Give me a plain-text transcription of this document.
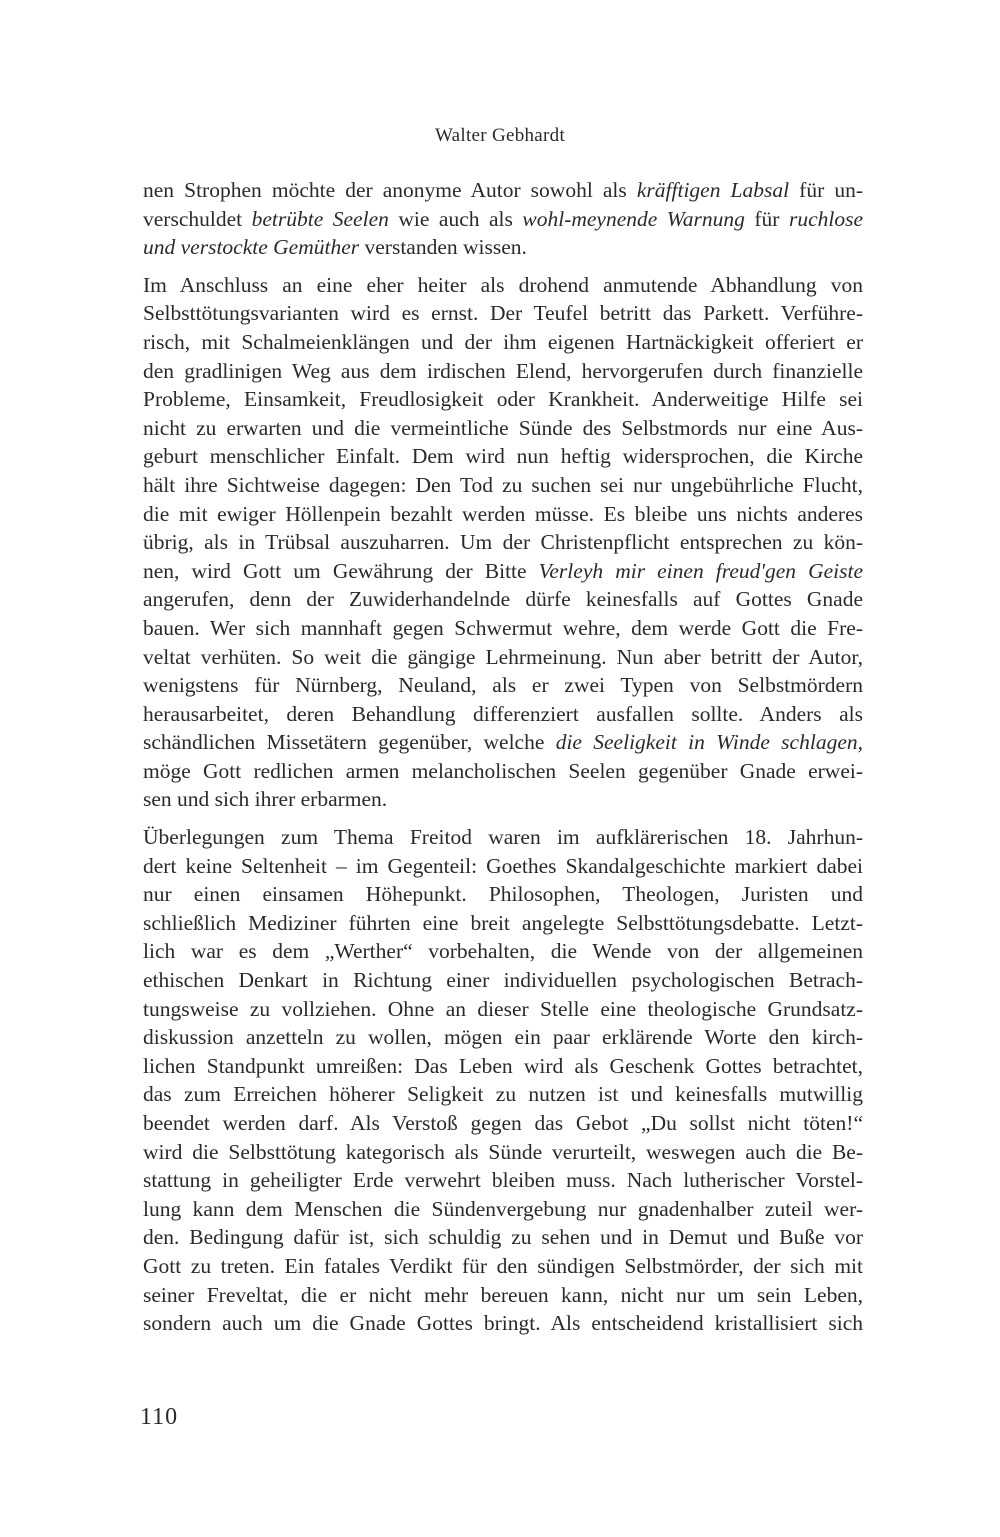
Walter Gebhardt

nen Strophen möchte der anonyme Autor sowohl als kräfftigen Labsal für un-
verschuldet betrübte Seelen wie auch als wohl-meynende Warnung für ruchlose
und verstockte Gemüther verstanden wissen.

Im Anschluss an eine eher heiter als drohend anmutende Abhandlung von
Selbsttötungsvarianten wird es ernst. Der Teufel betritt das Parkett. Verführe-
risch, mit Schalmeienklängen und der ihm eigenen Hartnäckigkeit offeriert er
den gradlinigen Weg aus dem irdischen Elend, hervorgerufen durch finanzielle
Probleme, Einsamkeit, Freudlosigkeit oder Krankheit. Anderweitige Hilfe sei
nicht zu erwarten und die vermeintliche Sünde des Selbstmords nur eine Aus-
geburt menschlicher Einfalt. Dem wird nun heftig widersprochen, die Kirche
hält ihre Sichtweise dagegen: Den Tod zu suchen sei nur ungebührliche Flucht,
die mit ewiger Höllenpein bezahlt werden müsse. Es bleibe uns nichts anderes
übrig, als in Trübsal auszuharren. Um der Christenpflicht entsprechen zu kön-
nen, wird Gott um Gewährung der Bitte Verleyh mir einen freud'gen Geiste
angerufen, denn der Zuwiderhandelnde dürfe keinesfalls auf Gottes Gnade
bauen. Wer sich mannhaft gegen Schwermut wehre, dem werde Gott die Fre-
veltat verhüten. So weit die gängige Lehrmeinung. Nun aber betritt der Autor,
wenigstens für Nürnberg, Neuland, als er zwei Typen von Selbstmördern
herausarbeitet, deren Behandlung differenziert ausfallen sollte. Anders als
schändlichen Missetätern gegenüber, welche die Seeligkeit in Winde schlagen,
möge Gott redlichen armen melancholischen Seelen gegenüber Gnade erwei-
sen und sich ihrer erbarmen.

Überlegungen zum Thema Freitod waren im aufklärerischen 18. Jahrhun-
dert keine Seltenheit – im Gegenteil: Goethes Skandalgeschichte markiert dabei
nur einen einsamen Höhepunkt. Philosophen, Theologen, Juristen und
schließlich Mediziner führten eine breit angelegte Selbsttötungsdebatte. Letzt-
lich war es dem „Werther“ vorbehalten, die Wende von der allgemeinen
ethischen Denkart in Richtung einer individuellen psychologischen Betrach-
tungsweise zu vollziehen. Ohne an dieser Stelle eine theologische Grundsatz-
diskussion anzetteln zu wollen, mögen ein paar erklärende Worte den kirch-
lichen Standpunkt umreißen: Das Leben wird als Geschenk Gottes betrachtet,
das zum Erreichen höherer Seligkeit zu nutzen ist und keinesfalls mutwillig
beendet werden darf. Als Verstoß gegen das Gebot „Du sollst nicht töten!“
wird die Selbsttötung kategorisch als Sünde verurteilt, weswegen auch die Be-
stattung in geheiligter Erde verwehrt bleiben muss. Nach lutherischer Vorstel-
lung kann dem Menschen die Sündenvergebung nur gnadenhalber zuteil wer-
den. Bedingung dafür ist, sich schuldig zu sehen und in Demut und Buße vor
Gott zu treten. Ein fatales Verdikt für den sündigen Selbstmörder, der sich mit
seiner Freveltat, die er nicht mehr bereuen kann, nicht nur um sein Leben,
sondern auch um die Gnade Gottes bringt. Als entscheidend kristallisiert sich

110
